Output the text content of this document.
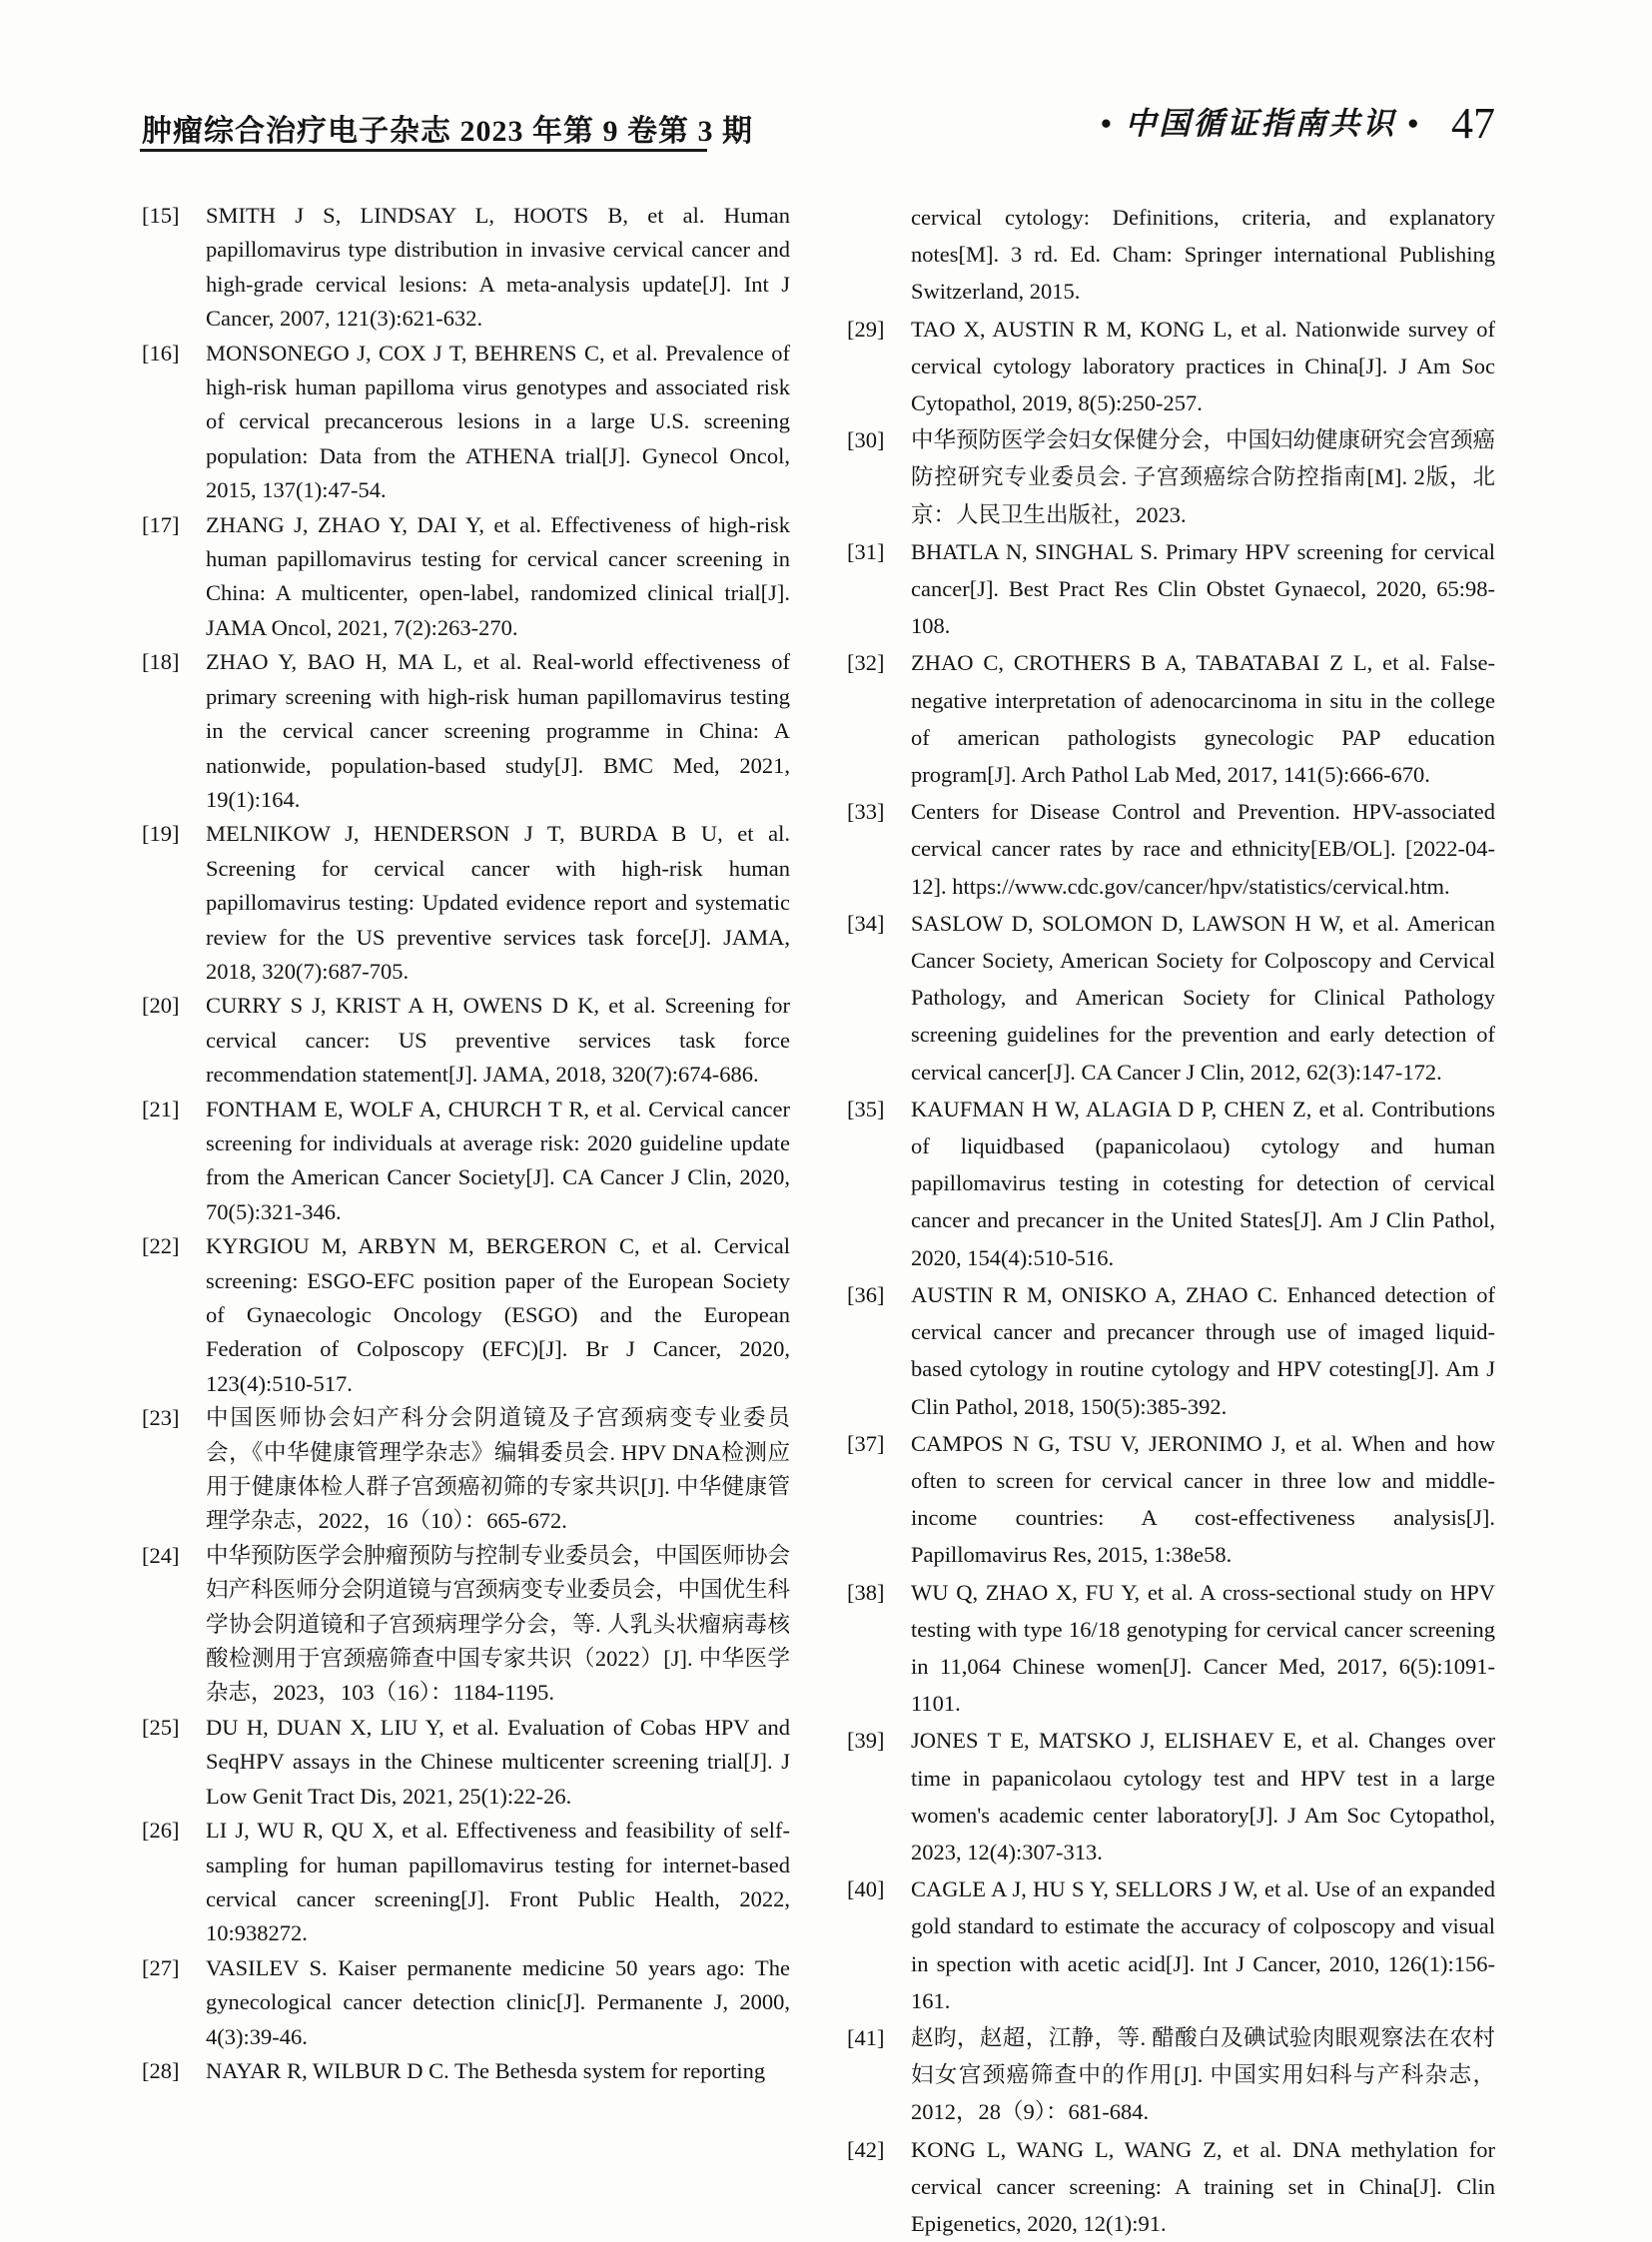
肿瘤综合治疗电子杂志 2023 年第 9 卷第 3 期	• 中国循证指南共识 • 47
[15]	SMITH J S, LINDSAY L, HOOTS B, et al. Human papillomavirus type distribution in invasive cervical cancer and high-grade cervical lesions: A meta-analysis update[J]. Int J Cancer, 2007, 121(3):621-632.
[16]	MONSONEGO J, COX J T, BEHRENS C, et al. Prevalence of high-risk human papilloma virus genotypes and associated risk of cervical precancerous lesions in a large U.S. screening population: Data from the ATHENA trial[J]. Gynecol Oncol, 2015, 137(1):47-54.
[17]	ZHANG J, ZHAO Y, DAI Y, et al. Effectiveness of high-risk human papillomavirus testing for cervical cancer screening in China: A multicenter, open-label, randomized clinical trial[J]. JAMA Oncol, 2021, 7(2):263-270.
[18]	ZHAO Y, BAO H, MA L, et al. Real-world effectiveness of primary screening with high-risk human papillomavirus testing in the cervical cancer screening programme in China: A nationwide, population-based study[J]. BMC Med, 2021, 19(1):164.
[19]	MELNIKOW J, HENDERSON J T, BURDA B U, et al. Screening for cervical cancer with high-risk human papillomavirus testing: Updated evidence report and systematic review for the US preventive services task force[J]. JAMA, 2018, 320(7):687-705.
[20]	CURRY S J, KRIST A H, OWENS D K, et al. Screening for cervical cancer: US preventive services task force recommendation statement[J]. JAMA, 2018, 320(7):674-686.
[21]	FONTHAM E, WOLF A, CHURCH T R, et al. Cervical cancer screening for individuals at average risk: 2020 guideline update from the American Cancer Society[J]. CA Cancer J Clin, 2020, 70(5):321-346.
[22]	KYRGIOU M, ARBYN M, BERGERON C, et al. Cervical screening: ESGO-EFC position paper of the European Society of Gynaecologic Oncology (ESGO) and the European Federation of Colposcopy (EFC)[J]. Br J Cancer, 2020, 123(4):510-517.
[23]	中国医师协会妇产科分会阴道镜及子宫颈病变专业委员会，《中华健康管理学杂志》编辑委员会. HPV DNA检测应用于健康体检人群子宫颈癌初筛的专家共识[J]. 中华健康管理学杂志，2022，16（10）：665-672.
[24]	中华预防医学会肿瘤预防与控制专业委员会，中国医师协会妇产科医师分会阴道镜与宫颈病变专业委员会，中国优生科学协会阴道镜和子宫颈病理学分会，等. 人乳头状瘤病毒核酸检测用于宫颈癌筛查中国专家共识（2022）[J]. 中华医学杂志，2023，103（16）：1184-1195.
[25]	DU H, DUAN X, LIU Y, et al. Evaluation of Cobas HPV and SeqHPV assays in the Chinese multicenter screening trial[J]. J Low Genit Tract Dis, 2021, 25(1):22-26.
[26]	LI J, WU R, QU X, et al. Effectiveness and feasibility of self-sampling for human papillomavirus testing for internet-based cervical cancer screening[J]. Front Public Health, 2022, 10:938272.
[27]	VASILEV S. Kaiser permanente medicine 50 years ago: The gynecological cancer detection clinic[J]. Permanente J, 2000, 4(3):39-46.
[28]	NAYAR R, WILBUR D C. The Bethesda system for reporting
cervical cytology: Definitions, criteria, and explanatory notes[M]. 3 rd. Ed. Cham: Springer international Publishing Switzerland, 2015.
[29]	TAO X, AUSTIN R M, KONG L, et al. Nationwide survey of cervical cytology laboratory practices in China[J]. J Am Soc Cytopathol, 2019, 8(5):250-257.
[30]	中华预防医学会妇女保健分会，中国妇幼健康研究会宫颈癌防控研究专业委员会. 子宫颈癌综合防控指南[M]. 2版，北京：人民卫生出版社，2023.
[31]	BHATLA N, SINGHAL S. Primary HPV screening for cervical cancer[J]. Best Pract Res Clin Obstet Gynaecol, 2020, 65:98-108.
[32]	ZHAO C, CROTHERS B A, TABATABAI Z L, et al. False-negative interpretation of adenocarcinoma in situ in the college of american pathologists gynecologic PAP education program[J]. Arch Pathol Lab Med, 2017, 141(5):666-670.
[33]	Centers for Disease Control and Prevention. HPV-associated cervical cancer rates by race and ethnicity[EB/OL]. [2022-04-12]. https://www.cdc.gov/cancer/hpv/statistics/cervical.htm.
[34]	SASLOW D, SOLOMON D, LAWSON H W, et al. American Cancer Society, American Society for Colposcopy and Cervical Pathology, and American Society for Clinical Pathology screening guidelines for the prevention and early detection of cervical cancer[J]. CA Cancer J Clin, 2012, 62(3):147-172.
[35]	KAUFMAN H W, ALAGIA D P, CHEN Z, et al. Contributions of liquidbased (papanicolaou) cytology and human papillomavirus testing in cotesting for detection of cervical cancer and precancer in the United States[J]. Am J Clin Pathol, 2020, 154(4):510-516.
[36]	AUSTIN R M, ONISKO A, ZHAO C. Enhanced detection of cervical cancer and precancer through use of imaged liquid-based cytology in routine cytology and HPV cotesting[J]. Am J Clin Pathol, 2018, 150(5):385-392.
[37]	CAMPOS N G, TSU V, JERONIMO J, et al. When and how often to screen for cervical cancer in three low and middle-income countries: A cost-effectiveness analysis[J]. Papillomavirus Res, 2015, 1:38e58.
[38]	WU Q, ZHAO X, FU Y, et al. A cross-sectional study on HPV testing with type 16/18 genotyping for cervical cancer screening in 11,064 Chinese women[J]. Cancer Med, 2017, 6(5):1091-1101.
[39]	JONES T E, MATSKO J, ELISHAEV E, et al. Changes over time in papanicolaou cytology test and HPV test in a large women's academic center laboratory[J]. J Am Soc Cytopathol, 2023, 12(4):307-313.
[40]	CAGLE A J, HU S Y, SELLORS J W, et al. Use of an expanded gold standard to estimate the accuracy of colposcopy and visual in spection with acetic acid[J]. Int J Cancer, 2010, 126(1):156-161.
[41]	赵昀，赵超，江静，等. 醋酸白及碘试验肉眼观察法在农村妇女宫颈癌筛查中的作用[J]. 中国实用妇科与产科杂志，2012，28（9）：681-684.
[42]	KONG L, WANG L, WANG Z, et al. DNA methylation for cervical cancer screening: A training set in China[J]. Clin Epigenetics, 2020, 12(1):91.
